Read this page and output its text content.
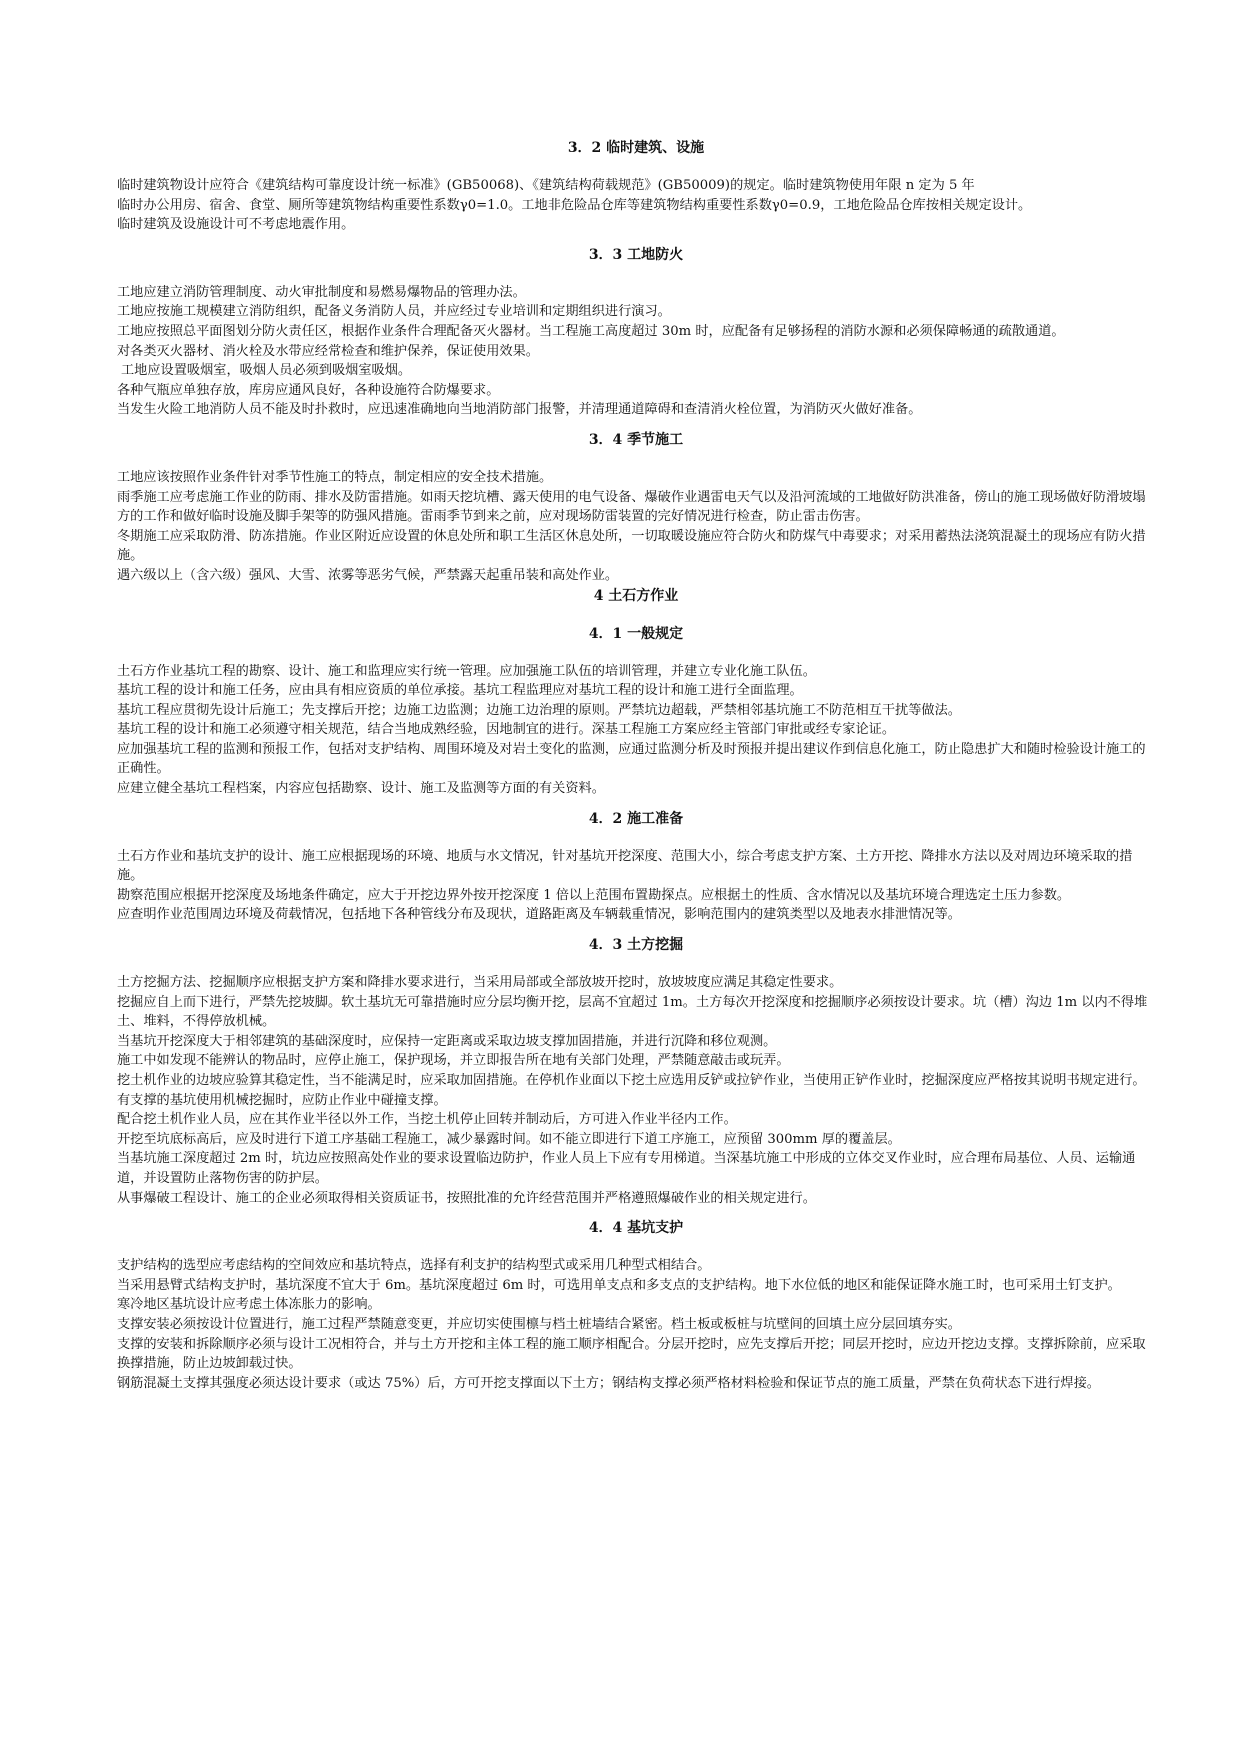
3．2 临时建筑、设施

临时建筑物设计应符合《建筑结构可靠度设计统一标准》(GB50068)、《建筑结构荷载规范》(GB50009)的规定。临时建筑物使用年限 n 定为 5 年

临时办公用房、宿舍、食堂、厕所等建筑物结构重要性系数γ0=1.0。工地非危险品仓库等建筑物结构重要性系数γ0=0.9，工地危险品仓库按相关规定设计。

临时建筑及设施设计可不考虑地震作用。

3．3 工地防火

工地应建立消防管理制度、动火审批制度和易燃易爆物品的管理办法。

工地应按施工规模建立消防组织，配备义务消防人员，并应经过专业培训和定期组织进行演习。

工地应按照总平面图划分防火责任区，根据作业条件合理配备灭火器材。当工程施工高度超过 30m 时，应配备有足够扬程的消防水源和必须保障畅通的疏散通道。

对各类灭火器材、消火栓及水带应经常检查和维护保养，保证使用效果。

工地应设置吸烟室，吸烟人员必须到吸烟室吸烟。

各种气瓶应单独存放，库房应通风良好，各种设施符合防爆要求。

当发生火险工地消防人员不能及时扑救时，应迅速准确地向当地消防部门报警，并清理通道障碍和查清消火栓位置，为消防灭火做好准备。

3．4 季节施工

工地应该按照作业条件针对季节性施工的特点，制定相应的安全技术措施。

雨季施工应考虑施工作业的防雨、排水及防雷措施。如雨天挖坑槽、露天使用的电气设备、爆破作业遇雷电天气以及沿河流域的工地做好防洪准备，傍山的施工现场做好防滑坡塌方的工作和做好临时设施及脚手架等的防强风措施。雷雨季节到来之前，应对现场防雷装置的完好情况进行检查，防止雷击伤害。

冬期施工应采取防滑、防冻措施。作业区附近应设置的休息处所和职工生活区休息处所，一切取暖设施应符合防火和防煤气中毒要求；对采用蓄热法浇筑混凝土的现场应有防火措施。

遇六级以上（含六级）强风、大雪、浓雾等恶劣气候，严禁露天起重吊装和高处作业。

4 土石方作业
4．1 一般规定

土石方作业基坑工程的勘察、设计、施工和监理应实行统一管理。应加强施工队伍的培训管理，并建立专业化施工队伍。

基坑工程的设计和施工任务，应由具有相应资质的单位承接。基坑工程监理应对基坑工程的设计和施工进行全面监理。

基坑工程应贯彻先设计后施工；先支撑后开挖；边施工边监测；边施工边治理的原则。严禁坑边超载，严禁相邻基坑施工不防范相互干扰等做法。

基坑工程的设计和施工必须遵守相关规范，结合当地成熟经验，因地制宜的进行。深基工程施工方案应经主管部门审批或经专家论证。

应加强基坑工程的监测和预报工作，包括对支护结构、周围环境及对岩土变化的监测，应通过监测分析及时预报并提出建议作到信息化施工，防止隐患扩大和随时检验设计施工的正确性。

应建立健全基坑工程档案，内容应包括勘察、设计、施工及监测等方面的有关资料。

4．2 施工准备

土石方作业和基坑支护的设计、施工应根据现场的环境、地质与水文情况，针对基坑开挖深度、范围大小，综合考虑支护方案、土方开挖、降排水方法以及对周边环境采取的措施。

勘察范围应根据开挖深度及场地条件确定，应大于开挖边界外按开挖深度 1 倍以上范围布置勘探点。应根据土的性质、含水情况以及基坑环境合理选定土压力参数。

应查明作业范围周边环境及荷载情况，包括地下各种管线分布及现状，道路距离及车辆载重情况，影响范围内的建筑类型以及地表水排泄情况等。

4．3 土方挖掘

土方挖掘方法、挖掘顺序应根据支护方案和降排水要求进行，当采用局部或全部放坡开挖时，放坡坡度应满足其稳定性要求。

挖掘应自上而下进行，严禁先挖坡脚。软土基坑无可靠措施时应分层均衡开挖，层高不宜超过 1m。土方每次开挖深度和挖掘顺序必须按设计要求。坑（槽）沟边 1m 以内不得堆土、堆料，不得停放机械。

当基坑开挖深度大于相邻建筑的基础深度时，应保持一定距离或采取边坡支撑加固措施，并进行沉降和移位观测。

施工中如发现不能辨认的物品时，应停止施工，保护现场，并立即报告所在地有关部门处理，严禁随意敲击或玩弄。

挖土机作业的边坡应验算其稳定性，当不能满足时，应采取加固措施。在停机作业面以下挖土应选用反铲或拉铲作业，当使用正铲作业时，挖掘深度应严格按其说明书规定进行。有支撑的基坑使用机械挖掘时，应防止作业中碰撞支撑。

配合挖土机作业人员，应在其作业半径以外工作，当挖土机停止回转并制动后，方可进入作业半径内工作。

开挖至坑底标高后，应及时进行下道工序基础工程施工，减少暴露时间。如不能立即进行下道工序施工，应预留 300mm 厚的覆盖层。

当基坑施工深度超过 2m 时，坑边应按照高处作业的要求设置临边防护，作业人员上下应有专用梯道。当深基坑施工中形成的立体交叉作业时，应合理布局基位、人员、运输通道，并设置防止落物伤害的防护层。

从事爆破工程设计、施工的企业必须取得相关资质证书，按照批准的允许经营范围并严格遵照爆破作业的相关规定进行。

4．4 基坑支护

支护结构的选型应考虑结构的空间效应和基坑特点，选择有利支护的结构型式或采用几种型式相结合。

当采用悬臂式结构支护时，基坑深度不宜大于 6m。基坑深度超过 6m 时，可选用单支点和多支点的支护结构。地下水位低的地区和能保证降水施工时，也可采用土钉支护。

寒冷地区基坑设计应考虑土体冻胀力的影响。

支撑安装必须按设计位置进行，施工过程严禁随意变更，并应切实使围檩与档土桩墙结合紧密。档土板或板桩与坑壁间的回填土应分层回填夯实。

支撑的安装和拆除顺序必须与设计工况相符合，并与土方开挖和主体工程的施工顺序相配合。分层开挖时，应先支撑后开挖；同层开挖时，应边开挖边支撑。支撑拆除前，应采取换撑措施，防止边坡卸载过快。

钢筋混凝土支撑其强度必须达设计要求（或达 75%）后，方可开挖支撑面以下土方；钢结构支撑必须严格材料检验和保证节点的施工质量，严禁在负荷状态下进行焊接。
